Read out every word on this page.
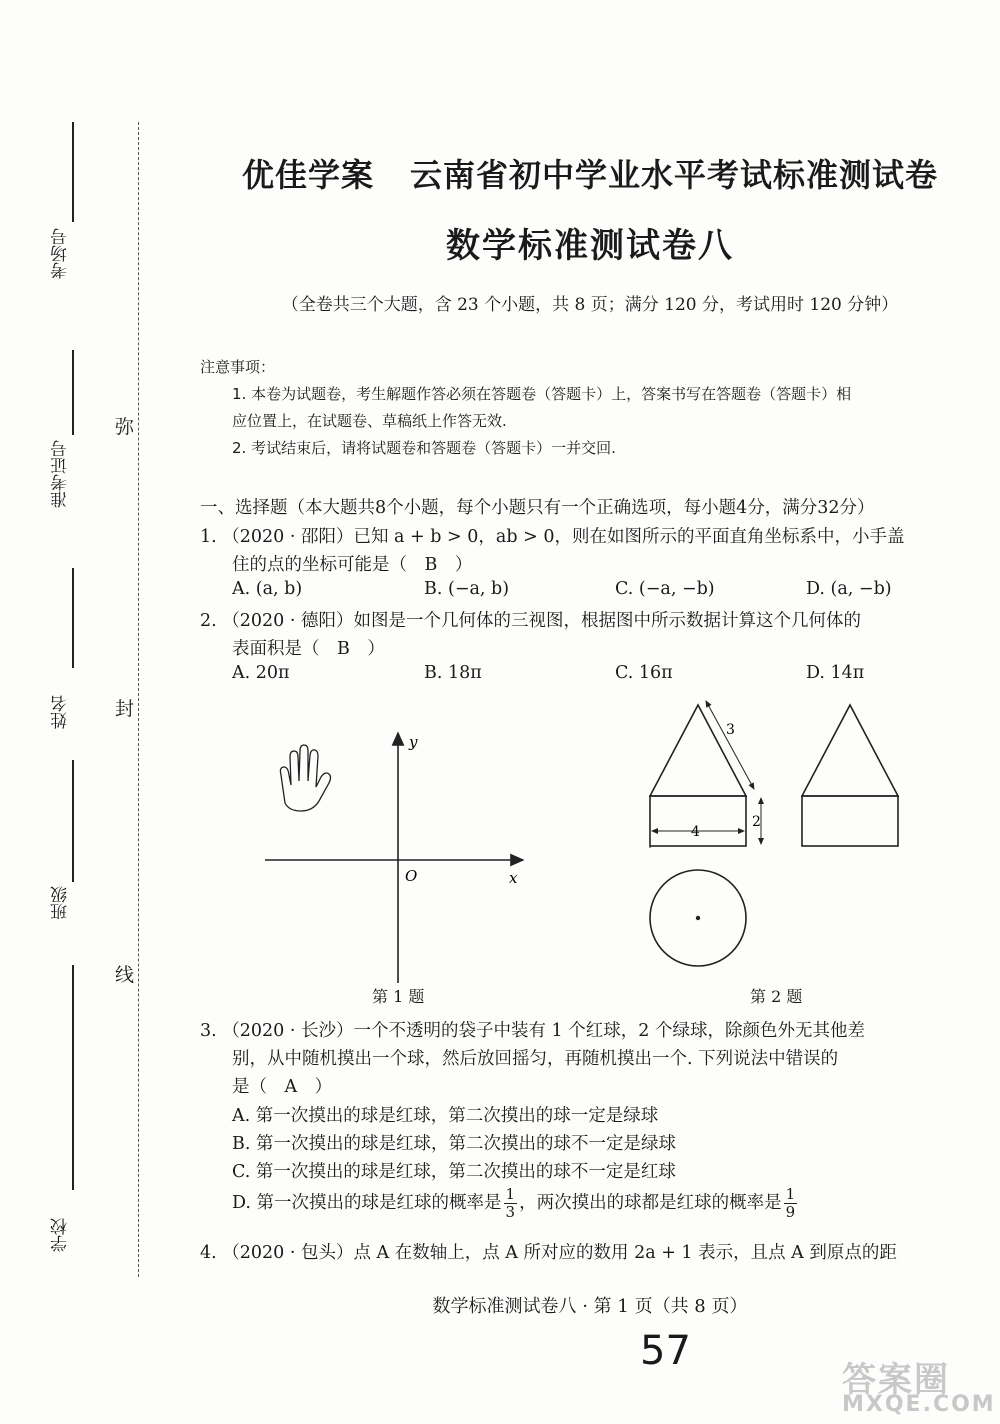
考场号
准考证号
姓名
班级
学校
弥
封
线
优佳学案 云南省初中学业水平考试标准测试卷
数学标准测试卷八
（全卷共三个大题，含 23 个小题，共 8 页；满分 120 分，考试用时 120 分钟）
注意事项：
1. 本卷为试题卷，考生解题作答必须在答题卷（答题卡）上，答案书写在答题卷（答题卡）相
应位置上，在试题卷、草稿纸上作答无效.
2. 考试结束后，请将试题卷和答题卷（答题卡）一并交回.
一、选择题（本大题共8个小题，每个小题只有一个正确选项，每小题4分，满分32分）
1. （2020 · 邵阳）已知 a + b > 0，ab > 0，则在如图所示的平面直角坐标系中，小手盖
住的点的坐标可能是（　B　）
A. (a, b)	B. (−a, b)	C. (−a, −b)	D. (a, −b)
2. （2020 · 德阳）如图是一个几何体的三视图，根据图中所示数据计算这个几何体的
表面积是（　B　）
A. 20π	B. 18π	C. 16π	D. 14π
y
x
O
第 1 题
3
2
4
第 2 题
3. （2020 · 长沙）一个不透明的袋子中装有 1 个红球，2 个绿球，除颜色外无其他差
别，从中随机摸出一个球，然后放回摇匀，再随机摸出一个. 下列说法中错误的
是（　A　）
A. 第一次摸出的球是红球，第二次摸出的球一定是绿球
B. 第一次摸出的球是红球，第二次摸出的球不一定是绿球
C. 第一次摸出的球是红球，第二次摸出的球不一定是红球
D. 第一次摸出的球是红球的概率是 $\frac{1}{3}$ ，两次摸出的球都是红球的概率是 $\frac{1}{9}$
4. （2020 · 包头）点 A 在数轴上，点 A 所对应的数用 2a + 1 表示，且点 A 到原点的距
数学标准测试卷八 · 第 1 页（共 8 页）
57
答案圈
MXQE.COM
